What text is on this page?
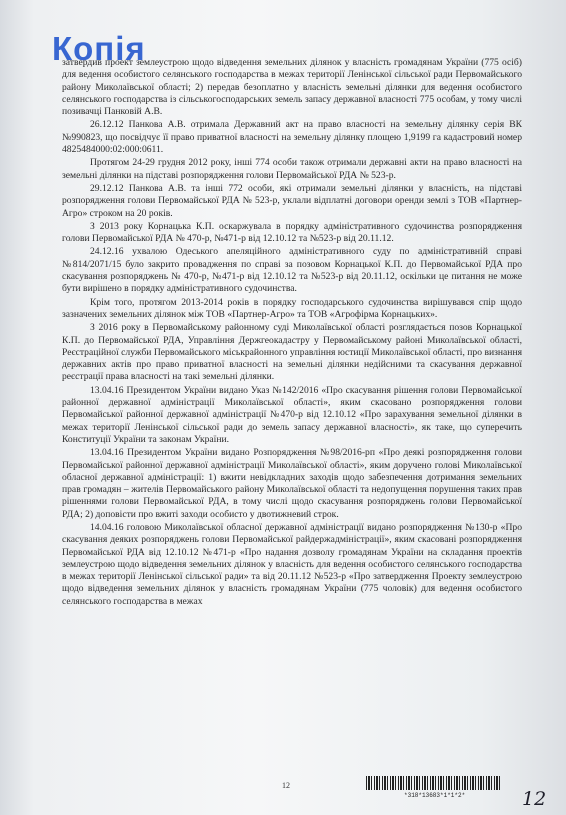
Копія

затвердив проект землеустрою щодо відведення земельних ділянок у власність громадянам України (775 осіб) для ведення особистого селянського господарства в межах території Ленінської сільської ради Первомайського району Миколаївської області; 2) передав безоплатно у власність земельні ділянки для ведення особистого селянського господарства із сільськогосподарських земель запасу державної власності 775 особам, у тому числі позивачці Панковій А.В.

26.12.12 Панкова А.В. отримала Державний акт на право власності на земельну ділянку серія ВК №990823, що посвідчує її право приватної власності на земельну ділянку площею 1,9199 га кадастровий номер 4825484000:02:000:0611.

Протягом 24-29 грудня 2012 року, інші 774 особи також отримали державні акти на право власності на земельні ділянки на підставі розпорядження голови Первомайської РДА № 523-р.

29.12.12 Панкова А.В. та інші 772 особи, які отримали земельні ділянки у власність, на підставі розпорядження голови Первомайської РДА № 523-р, уклали відплатні договори оренди землі з ТОВ «Партнер-Агро» строком на 20 років.

З 2013 року Корнацька К.П. оскаржувала в порядку адміністративного судочинства розпорядження голови Первомайської РДА № 470-р, №471-р від 12.10.12 та №523-р від 20.11.12.

24.12.16 ухвалою Одеського апеляційного адміністративного суду по адміністративній справі №814/2071/15 було закрито провадження по справі за позовом Корнацької К.П. до Первомайської РДА про скасування розпоряджень № 470-р, №471-р від 12.10.12 та №523-р від 20.11.12, оскільки це питання не може бути вирішено в порядку адміністративного судочинства.

Крім того, протягом 2013-2014 років в порядку господарського судочинства вирішувався спір щодо зазначених земельних ділянок між ТОВ «Партнер-Агро» та ТОВ «Агрофірма Корнацьких».

З 2016 року в Первомайському районному суді Миколаївської області розглядається позов Корнацької К.П. до Первомайської РДА, Управління Держгеокадастру у Первомайському районі Миколаївської області, Реєстраційної служби Первомайського міськрайонного управління юстиції Миколаївської області, про визнання державних актів про право приватної власності на земельні ділянки недійсними та скасування державної реєстрації права власності на такі земельні ділянки.

13.04.16 Президентом України видано Указ №142/2016 «Про скасування рішення голови Первомайської районної державної адміністрації Миколаївської області», яким скасовано розпорядження голови Первомайської районної державної адміністрації №470-р від 12.10.12 «Про зарахування земельної ділянки в межах території Ленінської сільської ради до земель запасу державної власності», як таке, що суперечить Конституції України та законам України.

13.04.16 Президентом України видано Розпорядження №98/2016-рп «Про деякі розпорядження голови Первомайської районної державної адміністрації Миколаївської області», яким доручено голові Миколаївської обласної державної адміністрації: 1) вжити невідкладних заходів щодо забезпечення дотримання земельних прав громадян – жителів Первомайського району Миколаївської області та недопущення порушення таких прав рішеннями голови Первомайської РДА, в тому числі щодо скасування розпоряджень голови Первомайської РДА; 2) доповісти про вжиті заходи особисто у двотижневий строк.

14.04.16 головою Миколаївської обласної державної адміністрації видано розпорядження №130-р «Про скасування деяких розпоряджень голови Первомайської райдержадміністрації», яким скасовані розпорядження Первомайської РДА від 12.10.12 №471-р «Про надання дозволу громадянам України на складання проектів землеустрою щодо відведення земельних ділянок у власність для ведення особистого селянського господарства в межах території Ленінської сільської ради» та від 20.11.12 №523-р «Про затвердження Проекту землеустрою щодо відведення земельних ділянок у власність громадянам України (775 чоловік) для ведення особистого селянського господарства в межах

12
*318*13683*1*1*2*	12
